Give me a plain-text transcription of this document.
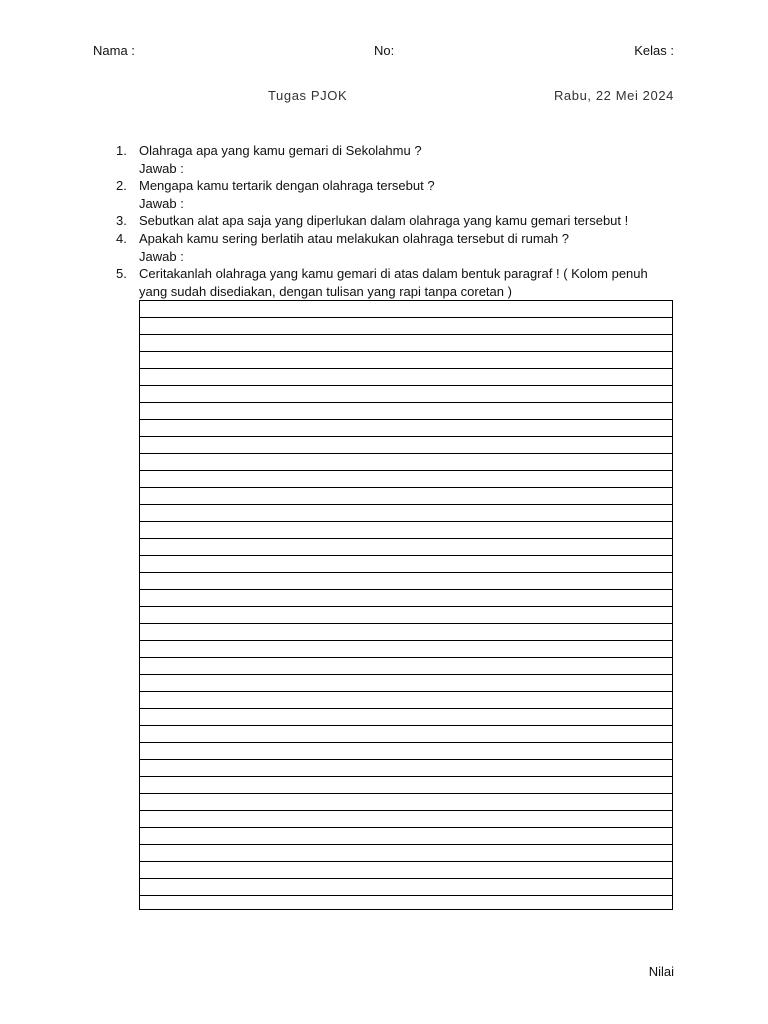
Nama :	No:	Kelas :
Tugas PJOK	Rabu, 22 Mei 2024
1. Olahraga apa yang kamu gemari di Sekolahmu ?
Jawab :
2. Mengapa kamu tertarik dengan olahraga tersebut ?
Jawab :
3. Sebutkan alat apa saja yang diperlukan dalam olahraga yang kamu gemari tersebut !
4. Apakah kamu sering berlatih atau melakukan olahraga tersebut di rumah ?
Jawab :
5. Ceritakanlah olahraga yang kamu gemari di atas dalam bentuk paragraf ! ( Kolom penuh yang sudah disediakan, dengan tulisan yang rapi tanpa coretan )
Nilai
